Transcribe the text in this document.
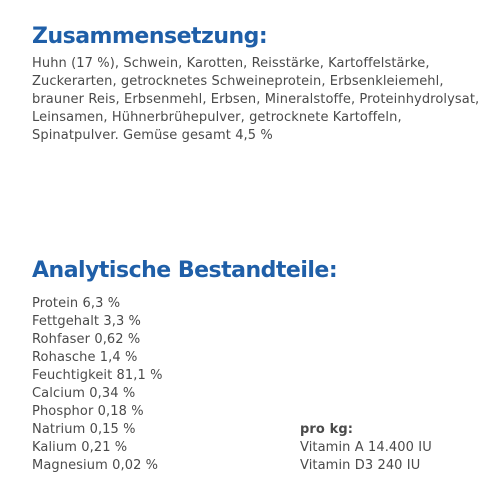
Zusammensetzung:

Huhn (17 %), Schwein, Karotten, Reisstärke, Kartoffelstärke, Zuckerarten, getrocknetes Schweineprotein, Erbsenkleiemehl, brauner Reis, Erbsenmehl, Erbsen, Mineralstoffe, Proteinhydrolysat, Leinsamen, Hühnerbrühepulver, getrocknete Kartoffeln, Spinatpulver. Gemüse gesamt 4,5 %

Analytische Bestandteile:
Protein 6,3 %
Fettgehalt 3,3 %
Rohfaser 0,62 %
Rohasche 1,4 %
Feuchtigkeit 81,1 %
Calcium 0,34 %
Phosphor 0,18 %
Natrium 0,15 %
Kalium 0,21 %
Magnesium 0,02 %
pro kg:
Vitamin A 14.400 IU
Vitamin D3 240 IU
